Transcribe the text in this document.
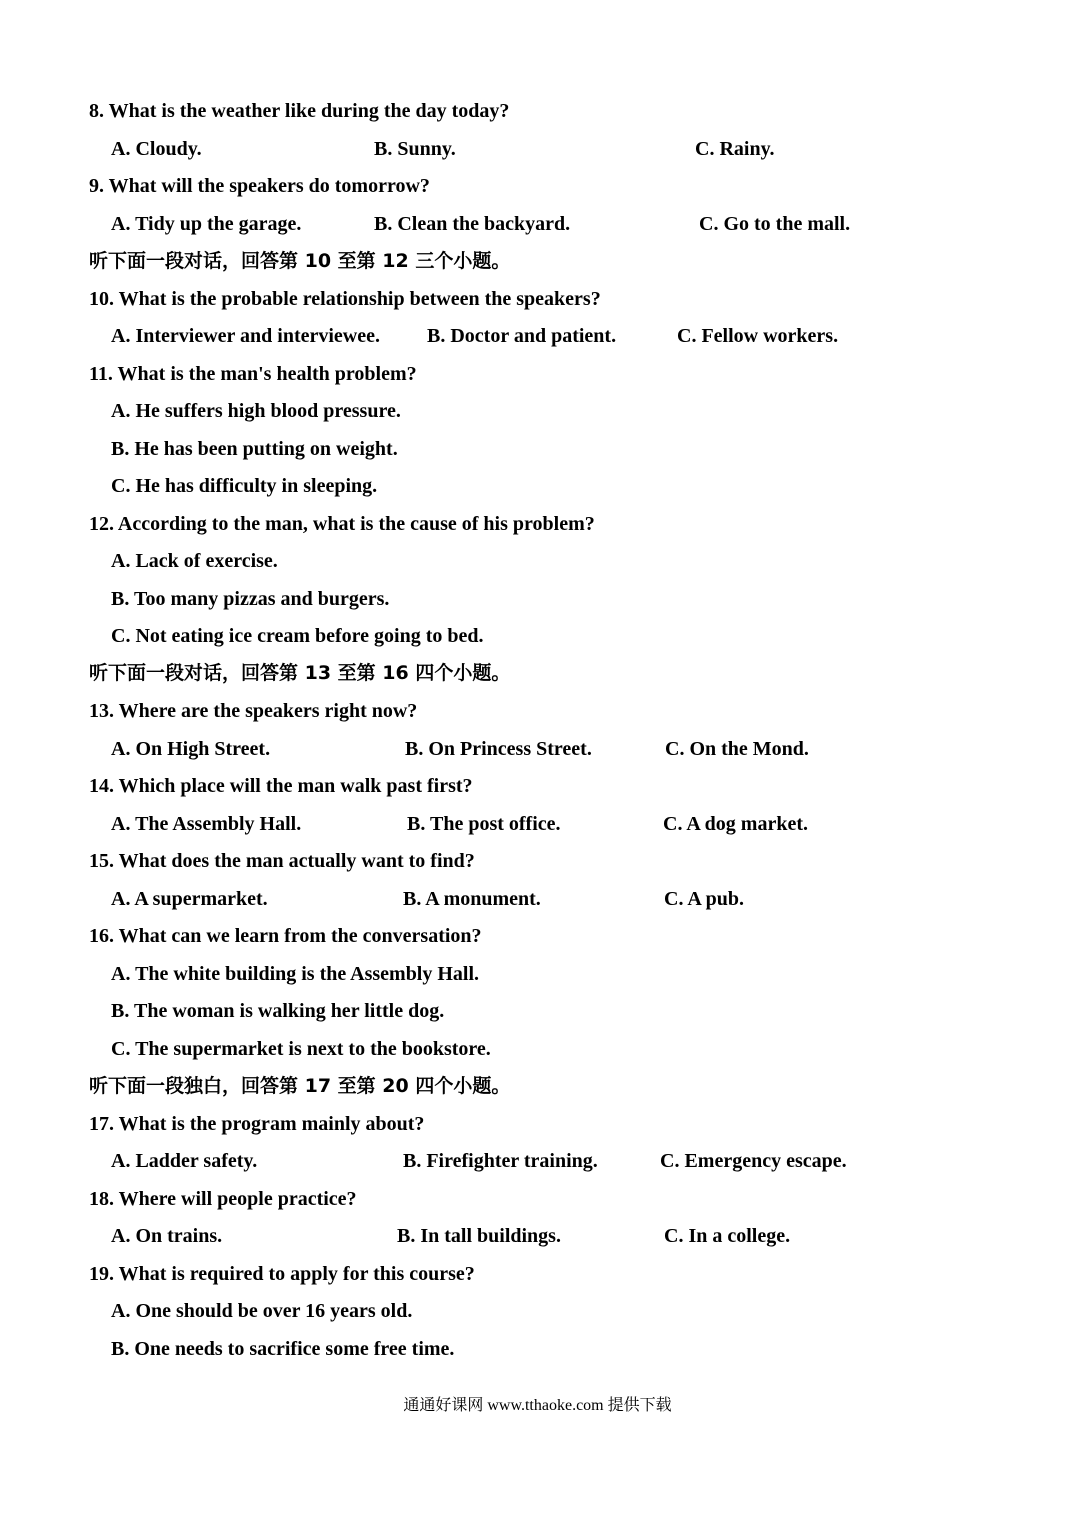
8. What is the weather like during the day today?
A. Cloudy.	B. Sunny.	C. Rainy.
9. What will the speakers do tomorrow?
A. Tidy up the garage.	B. Clean the backyard.	C. Go to the mall.
听下面一段对话，回答第 10 至第 12 三个小题。
10. What is the probable relationship between the speakers?
A. Interviewer and interviewee. B. Doctor and patient.	C. Fellow workers.
11. What is the man's health problem?
A. He suffers high blood pressure.
B. He has been putting on weight.
C. He has difficulty in sleeping.
12. According to the man, what is the cause of his problem?
A. Lack of exercise.
B. Too many pizzas and burgers.
C. Not eating ice cream before going to bed.
听下面一段对话，回答第 13 至第 16 四个小题。
13. Where are the speakers right now?
A. On High Street.	B. On Princess Street.	C. On the Mond.
14. Which place will the man walk past first?
A. The Assembly Hall.	B. The post office.	C. A dog market.
15. What does the man actually want to find?
A. A supermarket.	B. A monument.	C. A pub.
16. What can we learn from the conversation?
A. The white building is the Assembly Hall.
B. The woman is walking her little dog.
C. The supermarket is next to the bookstore.
听下面一段独白，回答第 17 至第 20 四个小题。
17. What is the program mainly about?
A. Ladder safety.	B. Firefighter training.	C. Emergency escape.
18. Where will people practice?
A. On trains.	B. In tall buildings.	C. In a college.
19. What is required to apply for this course?
A. One should be over 16 years old.
B. One needs to sacrifice some free time.
通通好课网 www.tthaoke.com 提供下载
